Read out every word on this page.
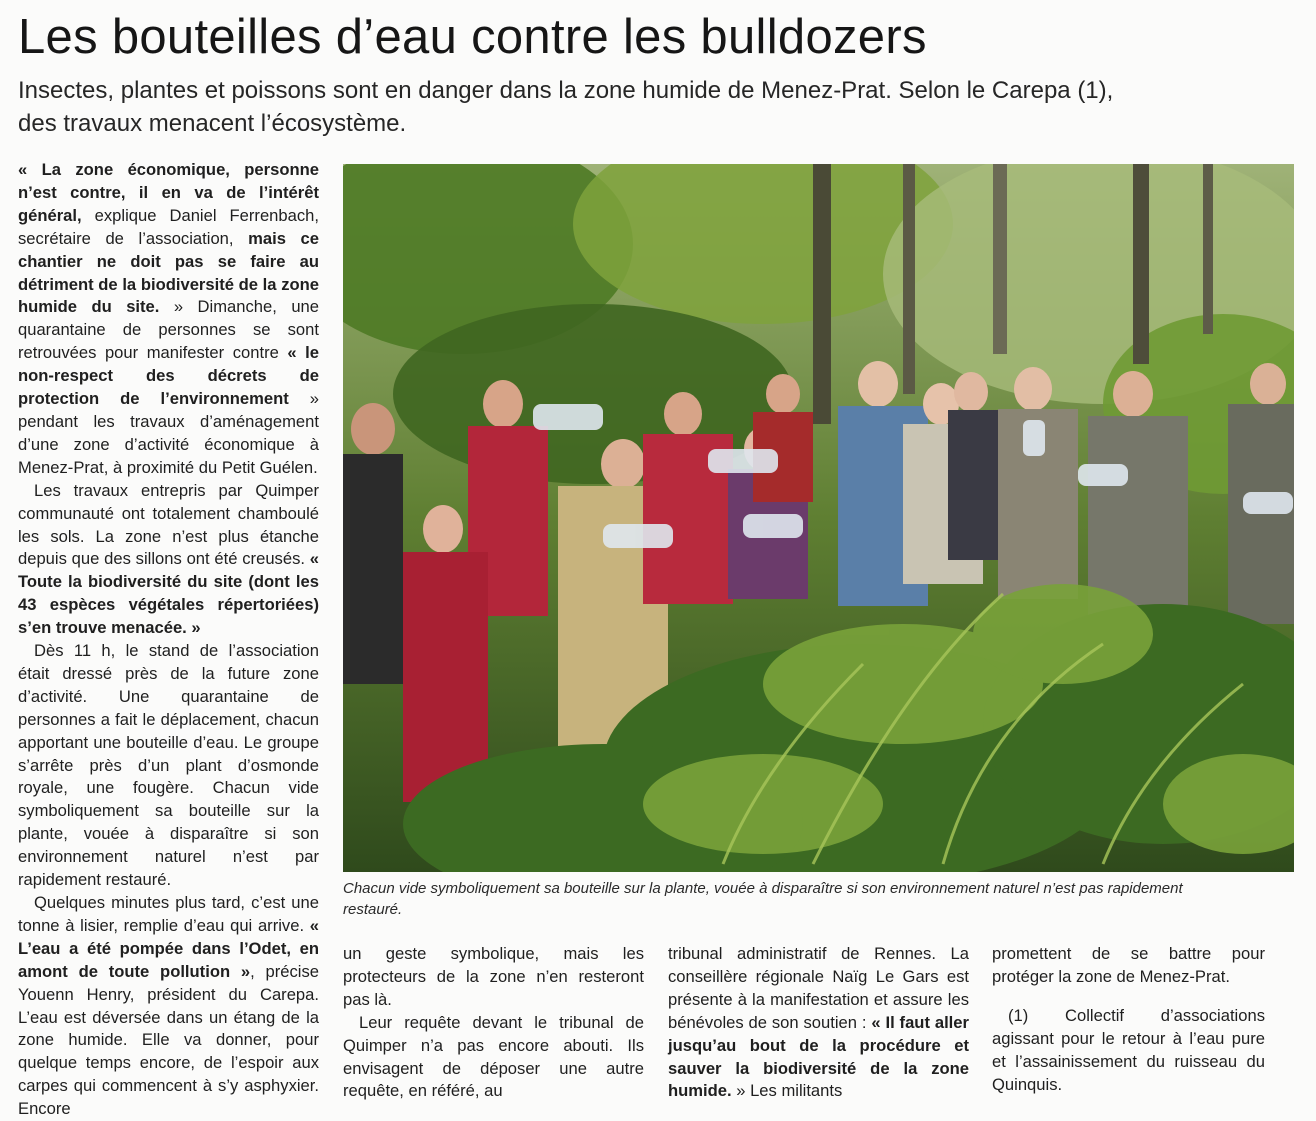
Les bouteilles d’eau contre les bulldozers
Insectes, plantes et poissons sont en danger dans la zone humide de Menez-Prat. Selon le Carepa (1),
des travaux menacent l’écosystème.

« La zone économique, personne n’est contre, il en va de l’intérêt général, explique Daniel Ferrenbach, secrétaire de l’association, mais ce chantier ne doit pas se faire au détriment de la biodiversité de la zone humide du site. » Dimanche, une quarantaine de personnes se sont retrouvées pour manifester contre « le non-respect des décrets de protection de l’environnement » pendant les travaux d’aménagement d’une zone d’activité économique à Menez-Prat, à proximité du Petit Guélen.

Les travaux entrepris par Quimper communauté ont totalement chamboulé les sols. La zone n’est plus étanche depuis que des sillons ont été creusés. « Toute la biodiversité du site (dont les 43 espèces végétales répertoriées) s’en trouve menacée. »

Dès 11 h, le stand de l’association était dressé près de la future zone d’activité. Une quarantaine de personnes a fait le déplacement, chacun apportant une bouteille d’eau. Le groupe s’arrête près d’un plant d’osmonde royale, une fougère. Chacun vide symboliquement sa bouteille sur la plante, vouée à disparaître si son environnement naturel n’est par rapidement restauré.

Quelques minutes plus tard, c’est une tonne à lisier, remplie d’eau qui arrive. « L’eau a été pompée dans l’Odet, en amont de toute pollution », précise Youenn Henry, président du Carepa. L’eau est déversée dans un étang de la zone humide. Elle va donner, pour quelque temps encore, de l’espoir aux carpes qui commencent à s’y asphyxier. Encore

Chacun vide symboliquement sa bouteille sur la plante, vouée à disparaître si son environnement naturel n’est pas rapidement restauré.

un geste symbolique, mais les protecteurs de la zone n’en resteront pas là.

Leur requête devant le tribunal de Quimper n’a pas encore abouti. Ils envisagent de déposer une autre requête, en référé, au

tribunal administratif de Rennes. La conseillère régionale Naïg Le Gars est présente à la manifestation et assure les bénévoles de son soutien : « Il faut aller jusqu’au bout de la procédure et sauver la biodiversité de la zone humide. » Les militants

promettent de se battre pour protéger la zone de Menez-Prat.

(1) Collectif d’associations agissant pour le retour à l’eau pure et l’assainissement du ruisseau du Quinquis.
